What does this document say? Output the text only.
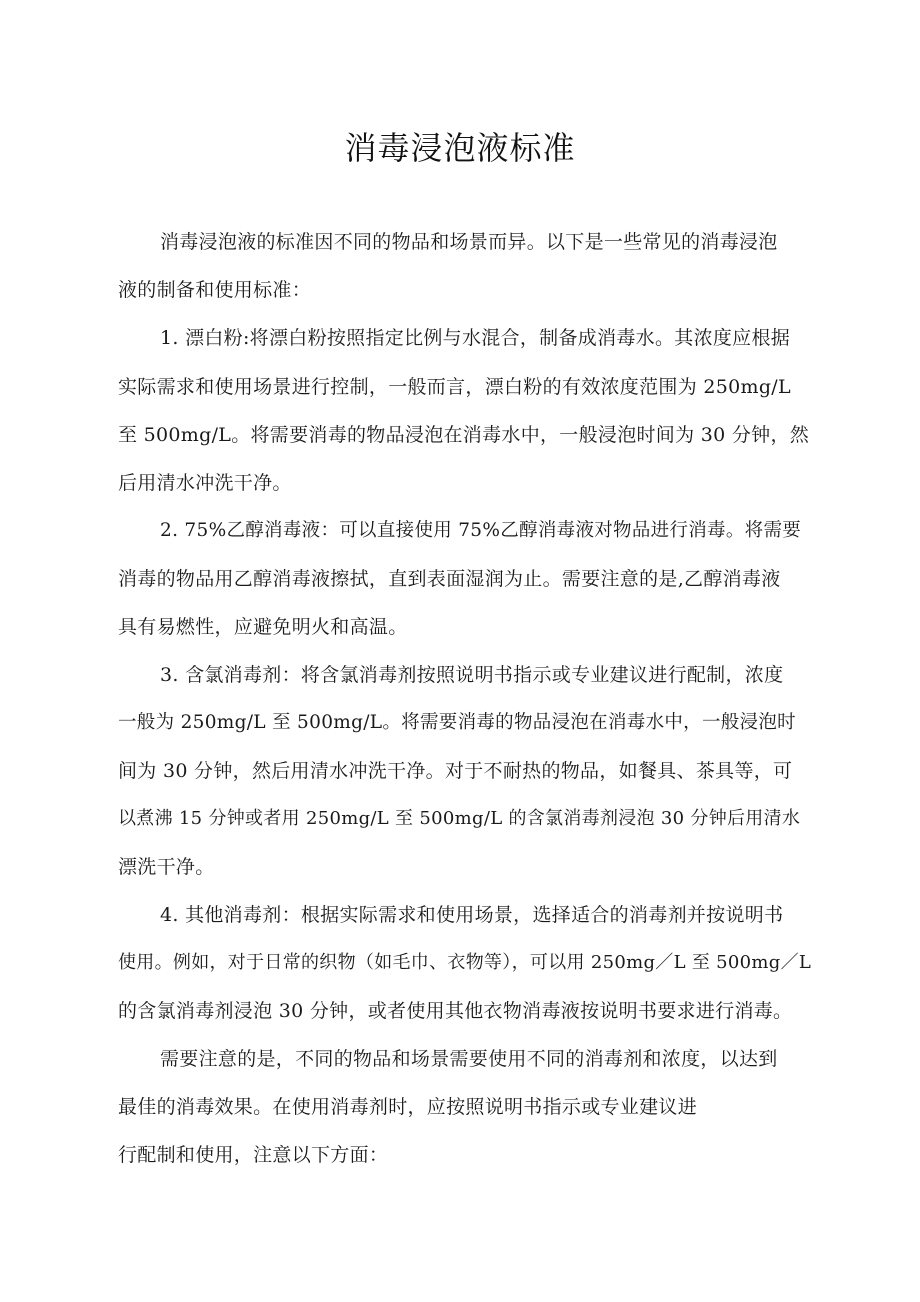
消毒浸泡液标准
消毒浸泡液的标准因不同的物品和场景而异。以下是一些常见的消毒浸泡
液的制备和使用标准：
1. 漂白粉:将漂白粉按照指定比例与水混合，制备成消毒水。其浓度应根据
实际需求和使用场景进行控制，一般而言，漂白粉的有效浓度范围为 250mg/L
至 500mg/L。将需要消毒的物品浸泡在消毒水中，一般浸泡时间为 30 分钟，然
后用清水冲洗干净。
2. 75%乙醇消毒液：可以直接使用 75%乙醇消毒液对物品进行消毒。将需要
消毒的物品用乙醇消毒液擦拭，直到表面湿润为止。需要注意的是,乙醇消毒液
具有易燃性，应避免明火和高温。
3. 含氯消毒剂：将含氯消毒剂按照说明书指示或专业建议进行配制，浓度
一般为 250mg/L 至 500mg/L。将需要消毒的物品浸泡在消毒水中，一般浸泡时
间为 30 分钟，然后用清水冲洗干净。对于不耐热的物品，如餐具、茶具等，可
以煮沸 15 分钟或者用 250mg/L 至 500mg/L 的含氯消毒剂浸泡 30 分钟后用清水
漂洗干净。
4. 其他消毒剂：根据实际需求和使用场景，选择适合的消毒剂并按说明书
使用。例如，对于日常的织物（如毛巾、衣物等），可以用 250mg／L 至 500mg／L
的含氯消毒剂浸泡 30 分钟，或者使用其他衣物消毒液按说明书要求进行消毒。
需要注意的是，不同的物品和场景需要使用不同的消毒剂和浓度，以达到
最佳的消毒效果。在使用消毒剂时，应按照说明书指示或专业建议进
行配制和使用，注意以下方面：
